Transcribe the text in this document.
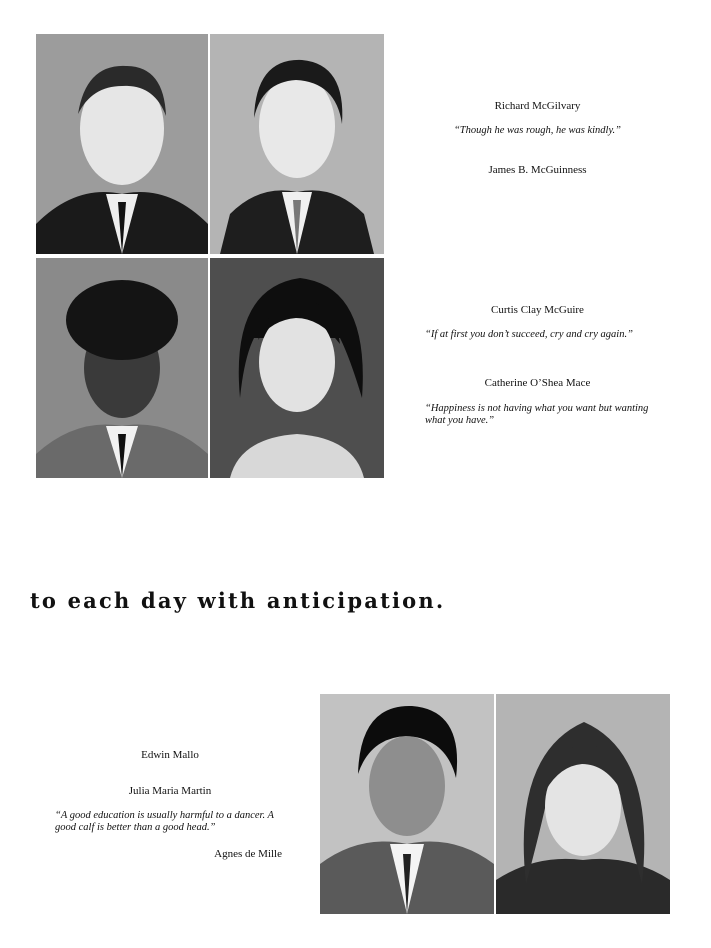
Richard McGilvary
“Though he was rough, he was kindly.”
James B. McGuinness
Curtis Clay McGuire
“If at first you don’t succeed, cry and cry again.”
Catherine O’Shea Mace
“Happiness is not having what you want but wanting what you have.”
to each day with anticipation.
Edwin Mallo
Julia Maria Martin
“A good education is usually harmful to a dancer. A good calf is better than a good head.”
Agnes de Mille
